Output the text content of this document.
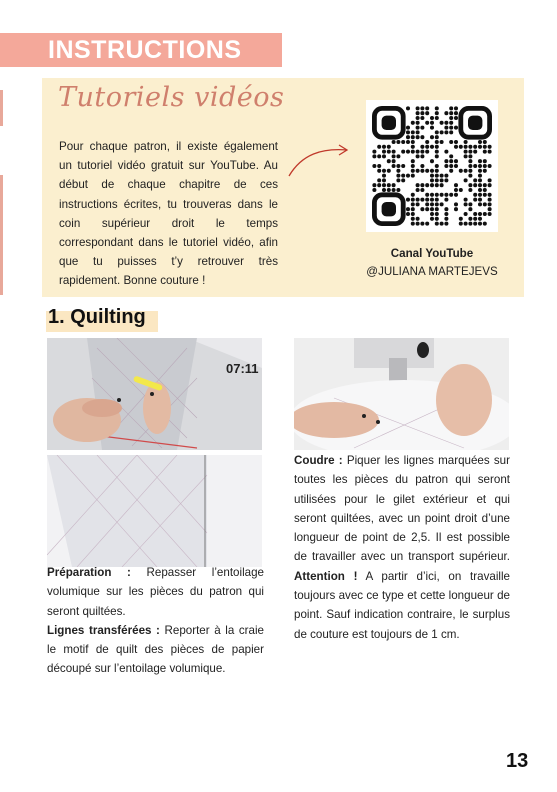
INSTRUCTIONS
Tutoriels vidéos
Pour chaque patron, il existe également un tutoriel vidéo gratuit sur YouTube. Au début de chaque chapitre de ces instructions écrites, tu trouveras dans le coin supérieur droit le temps correspondant dans le tutoriel vidéo, afin que tu puisses t’y retrouver très rapidement. Bonne couture !
Canal YouTube
@JULIANA MARTEJEVS
1. Quilting
07:11

Préparation : Repasser l’entoilage volumique sur les pièces du patron qui seront quiltées.
Lignes transférées : Reporter à la craie le motif de quilt des pièces de papier découpé sur l’entoilage volumique.

Coudre : Piquer les lignes marquées sur toutes les pièces du patron qui seront utilisées pour le gilet extérieur et qui seront quiltées, avec un point droit d’une longueur de point de 2,5. Il est possible de travailler avec un transport supérieur. Attention ! A partir d’ici, on travaille toujours avec ce type et cette longueur de point. Sauf indication contraire, le surplus de couture est toujours de 1 cm.

13
